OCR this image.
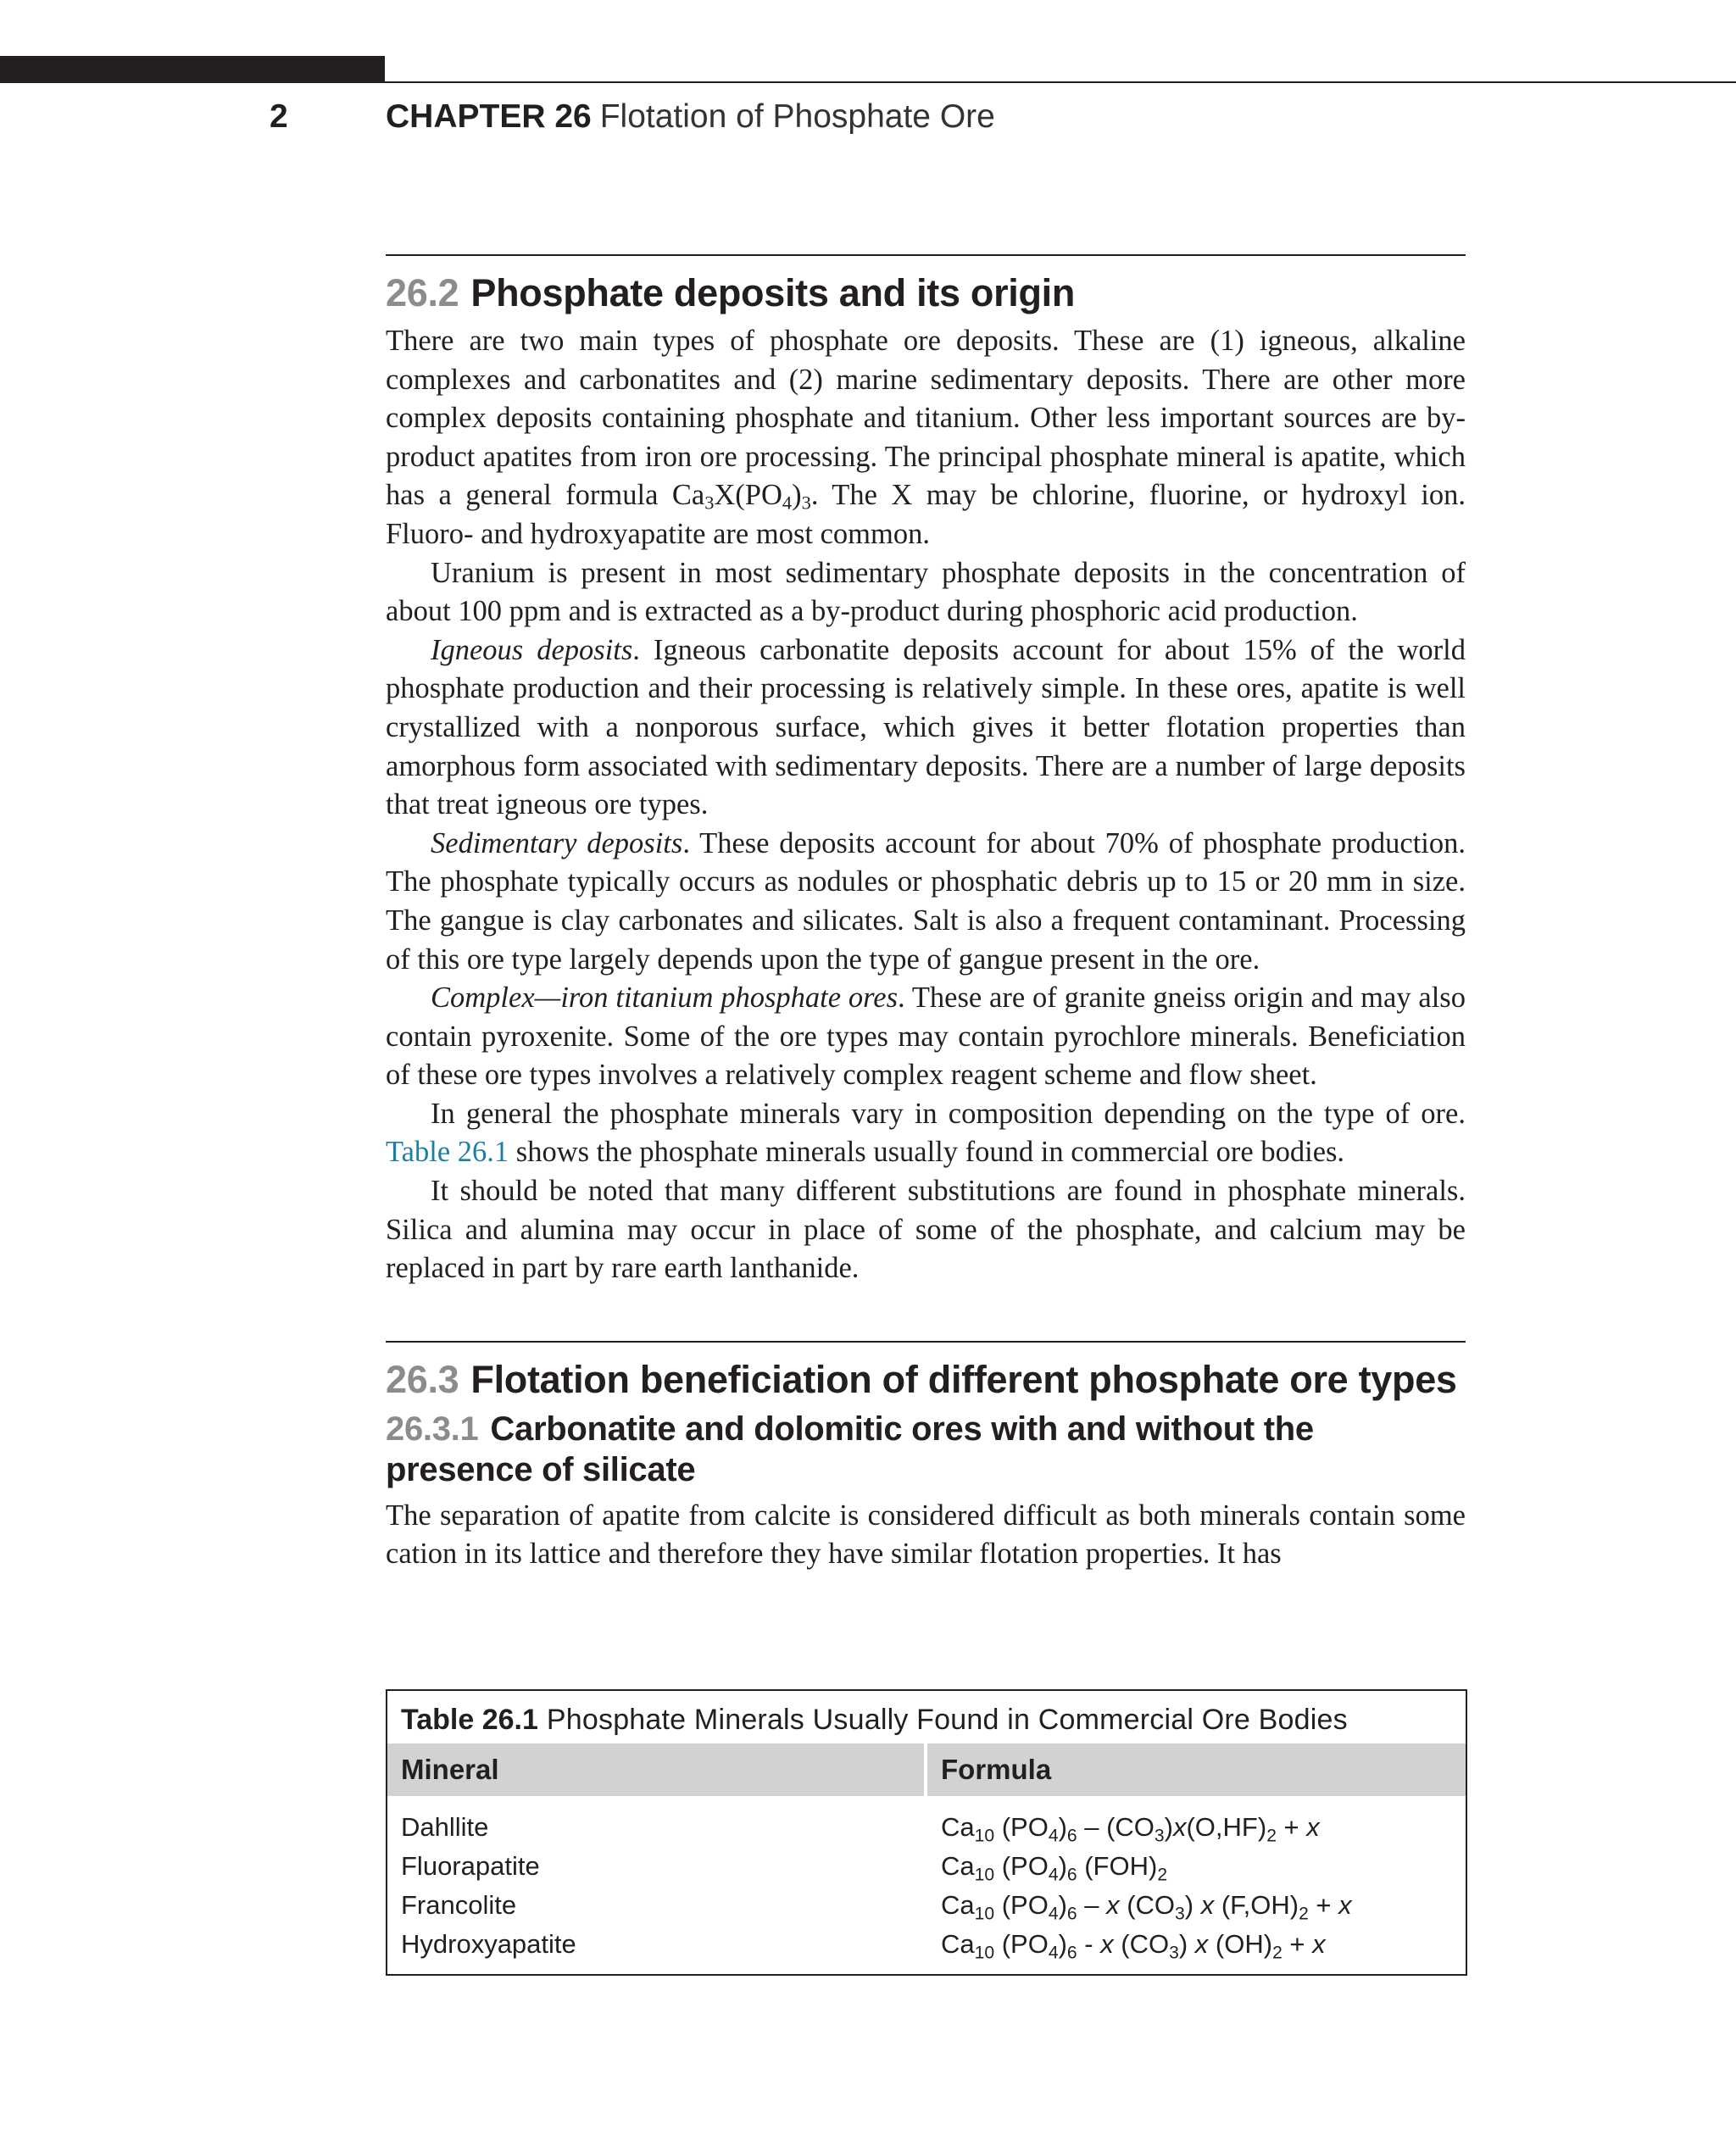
2	CHAPTER 26 Flotation of Phosphate Ore
26.2 Phosphate deposits and its origin

There are two main types of phosphate ore deposits. These are (1) igneous, alkaline complexes and carbonatites and (2) marine sedimentary deposits. There are other more complex deposits containing phosphate and titanium. Other less important sources are by-product apatites from iron ore processing. The principal phosphate mineral is apatite, which has a general formula $Ca_3X(PO_4)_3$. The X may be chlorine, fluorine, or hydroxyl ion. Fluoro- and hydroxyapatite are most common.

Uranium is present in most sedimentary phosphate deposits in the concentration of about 100 ppm and is extracted as a by-product during phosphoric acid production.

Igneous deposits. Igneous carbonatite deposits account for about 15% of the world phosphate production and their processing is relatively simple. In these ores, apatite is well crystallized with a nonporous surface, which gives it better flotation properties than amorphous form associated with sedimentary deposits. There are a number of large deposits that treat igneous ore types.

Sedimentary deposits. These deposits account for about 70% of phosphate production. The phosphate typically occurs as nodules or phosphatic debris up to 15 or 20 mm in size. The gangue is clay carbonates and silicates. Salt is also a frequent contaminant. Processing of this ore type largely depends upon the type of gangue present in the ore.

Complex—iron titanium phosphate ores. These are of granite gneiss origin and may also contain pyroxenite. Some of the ore types may contain pyrochlore minerals. Beneficiation of these ore types involves a relatively complex reagent scheme and flow sheet.

In general the phosphate minerals vary in composition depending on the type of ore. Table 26.1 shows the phosphate minerals usually found in commercial ore bodies.

It should be noted that many different substitutions are found in phosphate minerals. Silica and alumina may occur in place of some of the phosphate, and calcium may be replaced in part by rare earth lanthanide.

26.3 Flotation beneficiation of different phosphate ore types
26.3.1 Carbonatite and dolomitic ores with and without the presence of silicate

The separation of apatite from calcite is considered difficult as both minerals contain some cation in its lattice and therefore they have similar flotation properties. It has

Table 26.1 Phosphate Minerals Usually Found in Commercial Ore Bodies
Mineral	Formula
Dahllite	$Ca_{10}$ $(PO_4)_6 - (CO_3)x(O,HF)_2 + x$
Fluorapatite	$Ca_{10}$ $(PO_4)_6$ $(FOH)_2$
Francolite	$Ca_{10}$ $(PO_4)_6$ – x $(CO_3)$ x $(F,OH)_2 + x$
Hydroxyapatite	$Ca_{10}$ $(PO_4)_6$ - x $(CO_3)$ x $(OH)_2 + x$
